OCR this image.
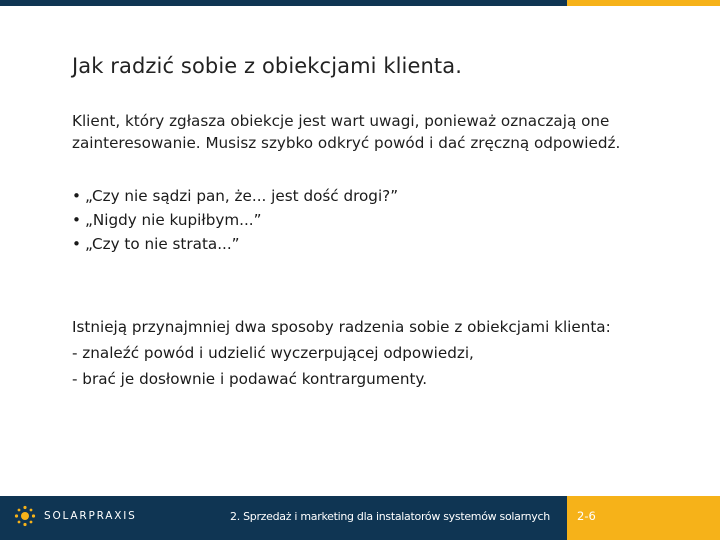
Jak radzić sobie z obiekcjami klienta.
Klient, który zgłasza obiekcje jest wart uwagi, ponieważ oznaczają one zainteresowanie. Musisz szybko odkryć powód i dać zręczną odpowiedź.
• „Czy nie sądzi pan, że... jest dość drogi?”
• „Nigdy nie kupiłbym...”
• „Czy to nie strata...”
Istnieją przynajmniej dwa sposoby radzenia sobie z obiekcjami klienta:
- znaleźć powód i udzielić wyczerpującej odpowiedzi,
- brać je dosłownie i podawać kontrargumenty.
SOLARPRAXIS	2. Sprzedaż i marketing dla instalatorów systemów solarnych	2-6
